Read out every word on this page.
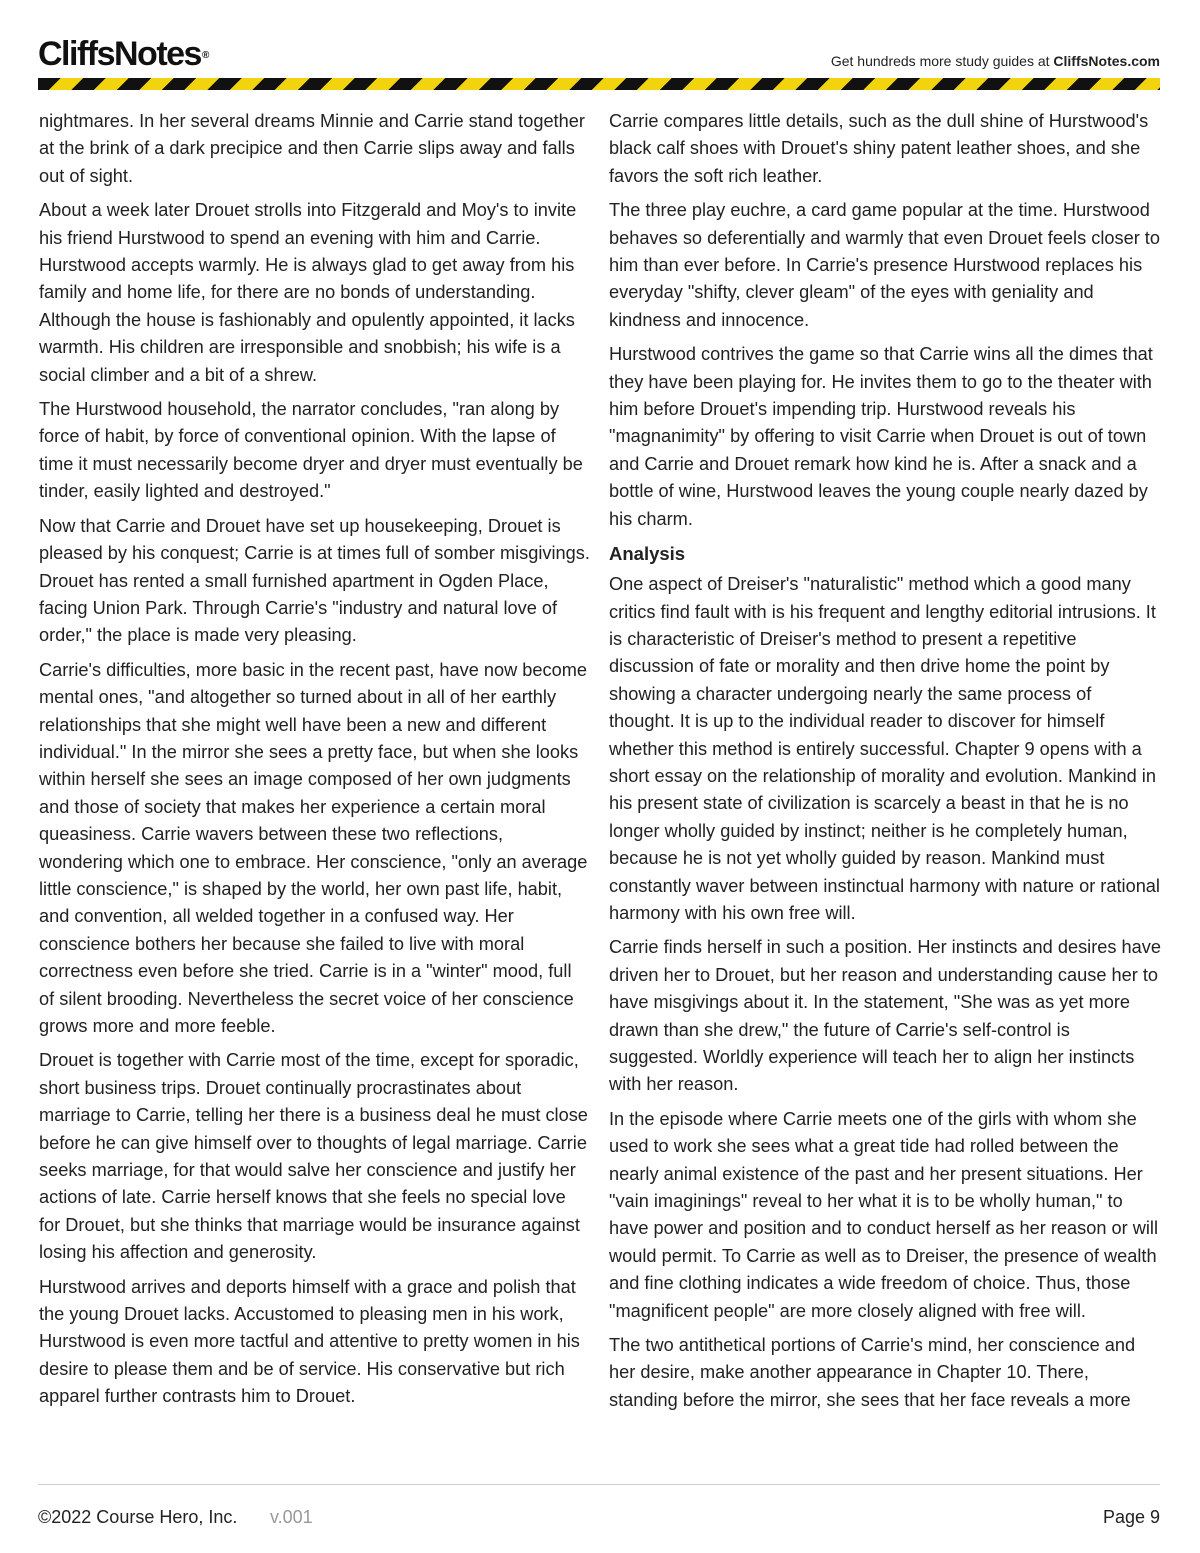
CliffsNotes®	Get hundreds more study guides at CliffsNotes.com

nightmares. In her several dreams Minnie and Carrie stand together at the brink of a dark precipice and then Carrie slips away and falls out of sight.

About a week later Drouet strolls into Fitzgerald and Moy's to invite his friend Hurstwood to spend an evening with him and Carrie. Hurstwood accepts warmly. He is always glad to get away from his family and home life, for there are no bonds of understanding. Although the house is fashionably and opulently appointed, it lacks warmth. His children are irresponsible and snobbish; his wife is a social climber and a bit of a shrew.

The Hurstwood household, the narrator concludes, "ran along by force of habit, by force of conventional opinion. With the lapse of time it must necessarily become dryer and dryer must eventually be tinder, easily lighted and destroyed."

Now that Carrie and Drouet have set up housekeeping, Drouet is pleased by his conquest; Carrie is at times full of somber misgivings. Drouet has rented a small furnished apartment in Ogden Place, facing Union Park. Through Carrie's "industry and natural love of order," the place is made very pleasing.

Carrie's difficulties, more basic in the recent past, have now become mental ones, "and altogether so turned about in all of her earthly relationships that she might well have been a new and different individual." In the mirror she sees a pretty face, but when she looks within herself she sees an image composed of her own judgments and those of society that makes her experience a certain moral queasiness. Carrie wavers between these two reflections, wondering which one to embrace. Her conscience, "only an average little conscience," is shaped by the world, her own past life, habit, and convention, all welded together in a confused way. Her conscience bothers her because she failed to live with moral correctness even before she tried. Carrie is in a "winter" mood, full of silent brooding. Nevertheless the secret voice of her conscience grows more and more feeble.

Drouet is together with Carrie most of the time, except for sporadic, short business trips. Drouet continually procrastinates about marriage to Carrie, telling her there is a business deal he must close before he can give himself over to thoughts of legal marriage. Carrie seeks marriage, for that would salve her conscience and justify her actions of late. Carrie herself knows that she feels no special love for Drouet, but she thinks that marriage would be insurance against losing his affection and generosity.

Hurstwood arrives and deports himself with a grace and polish that the young Drouet lacks. Accustomed to pleasing men in his work, Hurstwood is even more tactful and attentive to pretty women in his desire to please them and be of service. His conservative but rich apparel further contrasts him to Drouet.

Carrie compares little details, such as the dull shine of Hurstwood's black calf shoes with Drouet's shiny patent leather shoes, and she favors the soft rich leather.

The three play euchre, a card game popular at the time. Hurstwood behaves so deferentially and warmly that even Drouet feels closer to him than ever before. In Carrie's presence Hurstwood replaces his everyday "shifty, clever gleam" of the eyes with geniality and kindness and innocence.

Hurstwood contrives the game so that Carrie wins all the dimes that they have been playing for. He invites them to go to the theater with him before Drouet's impending trip. Hurstwood reveals his "magnanimity" by offering to visit Carrie when Drouet is out of town and Carrie and Drouet remark how kind he is. After a snack and a bottle of wine, Hurstwood leaves the young couple nearly dazed by his charm.

Analysis

One aspect of Dreiser's "naturalistic" method which a good many critics find fault with is his frequent and lengthy editorial intrusions. It is characteristic of Dreiser's method to present a repetitive discussion of fate or morality and then drive home the point by showing a character undergoing nearly the same process of thought. It is up to the individual reader to discover for himself whether this method is entirely successful. Chapter 9 opens with a short essay on the relationship of morality and evolution. Mankind in his present state of civilization is scarcely a beast in that he is no longer wholly guided by instinct; neither is he completely human, because he is not yet wholly guided by reason. Mankind must constantly waver between instinctual harmony with nature or rational harmony with his own free will.

Carrie finds herself in such a position. Her instincts and desires have driven her to Drouet, but her reason and understanding cause her to have misgivings about it. In the statement, "She was as yet more drawn than she drew," the future of Carrie's self-control is suggested. Worldly experience will teach her to align her instincts with her reason.

In the episode where Carrie meets one of the girls with whom she used to work she sees what a great tide had rolled between the nearly animal existence of the past and her present situations. Her "vain imaginings" reveal to her what it is to be wholly human," to have power and position and to conduct herself as her reason or will would permit. To Carrie as well as to Dreiser, the presence of wealth and fine clothing indicates a wide freedom of choice. Thus, those "magnificent people" are more closely aligned with free will.

The two antithetical portions of Carrie's mind, her conscience and her desire, make another appearance in Chapter 10. There, standing before the mirror, she sees that her face reveals a more

©2022 Course Hero, Inc. v.001	Page 9
